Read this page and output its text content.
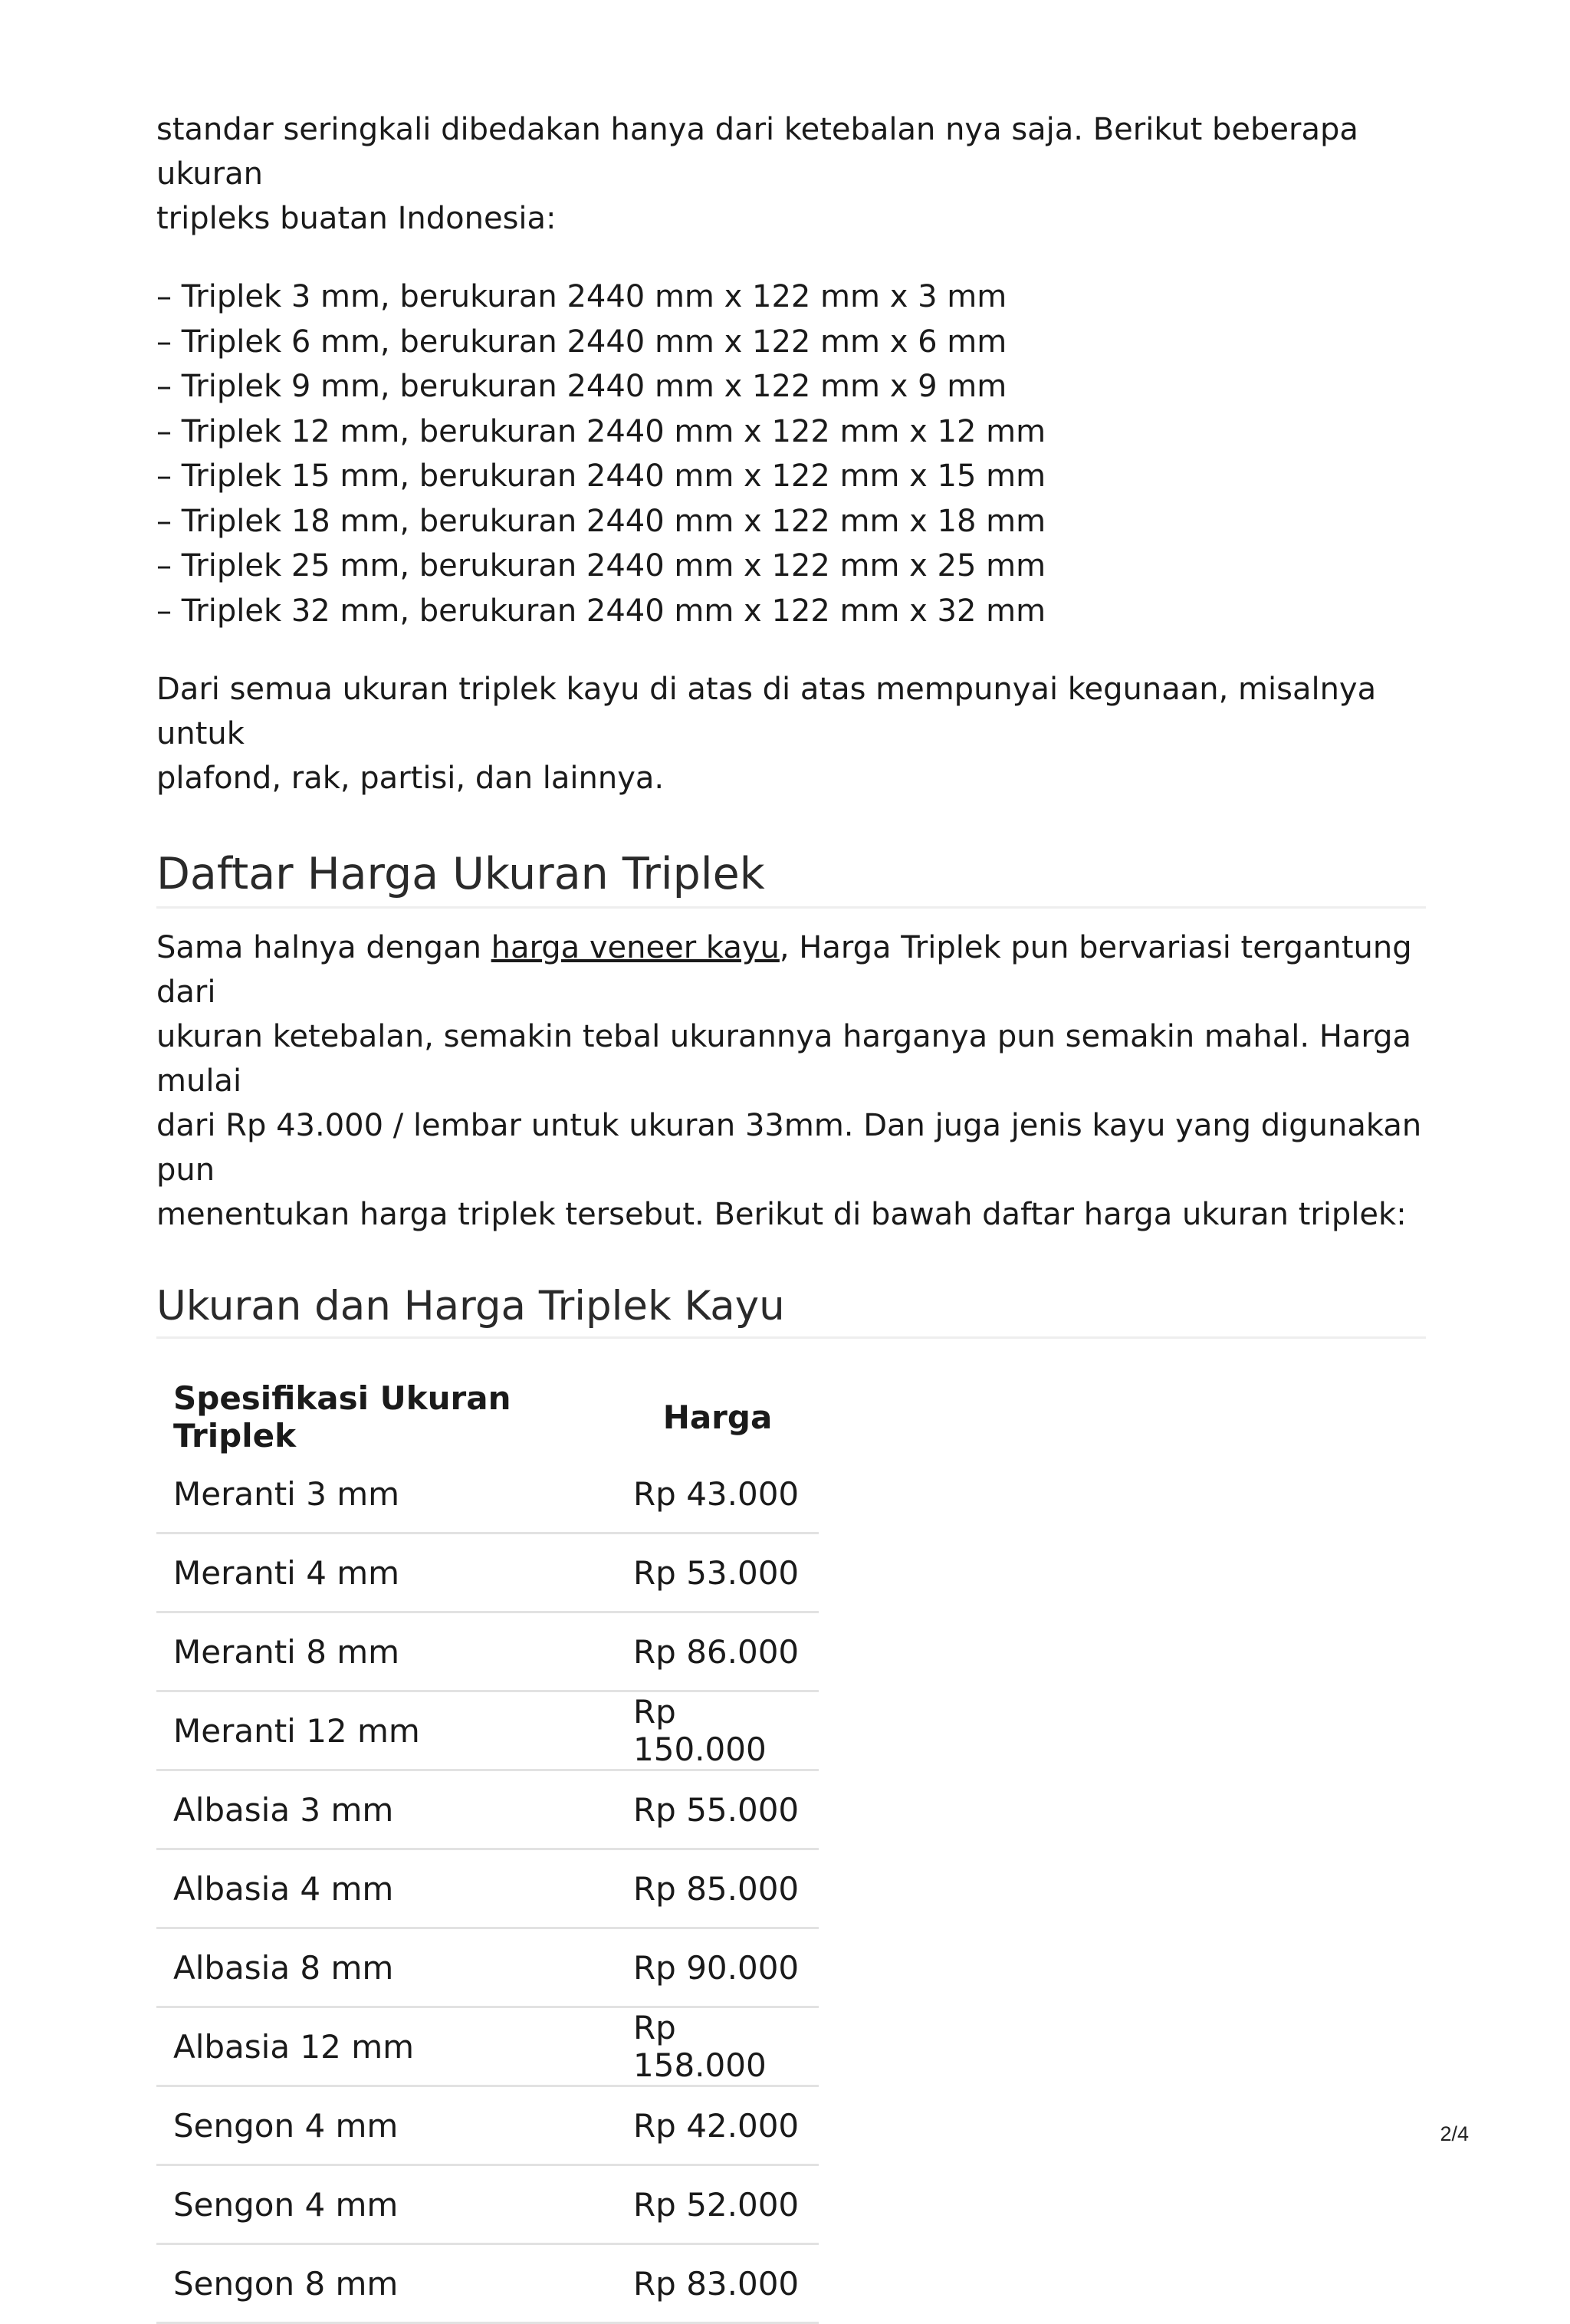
standar seringkali dibedakan hanya dari ketebalan nya saja. Berikut beberapa ukuran
tripleks buatan Indonesia:

– Triplek 3 mm, berukuran 2440 mm x 122 mm x 3 mm
– Triplek 6 mm, berukuran 2440 mm x 122 mm x 6 mm
– Triplek 9 mm, berukuran 2440 mm x 122 mm x 9 mm
– Triplek 12 mm, berukuran 2440 mm x 122 mm x 12 mm
– Triplek 15 mm, berukuran 2440 mm x 122 mm x 15 mm
– Triplek 18 mm, berukuran 2440 mm x 122 mm x 18 mm
– Triplek 25 mm, berukuran 2440 mm x 122 mm x 25 mm
– Triplek 32 mm, berukuran 2440 mm x 122 mm x 32 mm

Dari semua ukuran triplek kayu di atas di atas mempunyai kegunaan, misalnya untuk
plafond, rak, partisi, dan lainnya.

Daftar Harga Ukuran Triplek

Sama halnya dengan harga veneer kayu, Harga Triplek pun bervariasi tergantung dari
ukuran ketebalan, semakin tebal ukurannya harganya pun semakin mahal. Harga mulai
dari Rp 43.000 / lembar untuk ukuran 33mm. Dan juga jenis kayu yang digunakan pun
menentukan harga triplek tersebut. Berikut di bawah daftar harga ukuran triplek:

Ukuran dan Harga Triplek Kayu
Spesifikasi Ukuran Triplek	Harga
Meranti 3 mm	Rp 43.000
Meranti 4 mm	Rp 53.000
Meranti 8 mm	Rp 86.000
Meranti 12 mm	Rp 150.000
Albasia 3 mm	Rp 55.000
Albasia 4 mm	Rp 85.000
Albasia 8 mm	Rp 90.000
Albasia 12 mm	Rp 158.000
Sengon 4 mm	Rp 42.000
Sengon 4 mm	Rp 52.000
Sengon 8 mm	Rp 83.000
2/4
